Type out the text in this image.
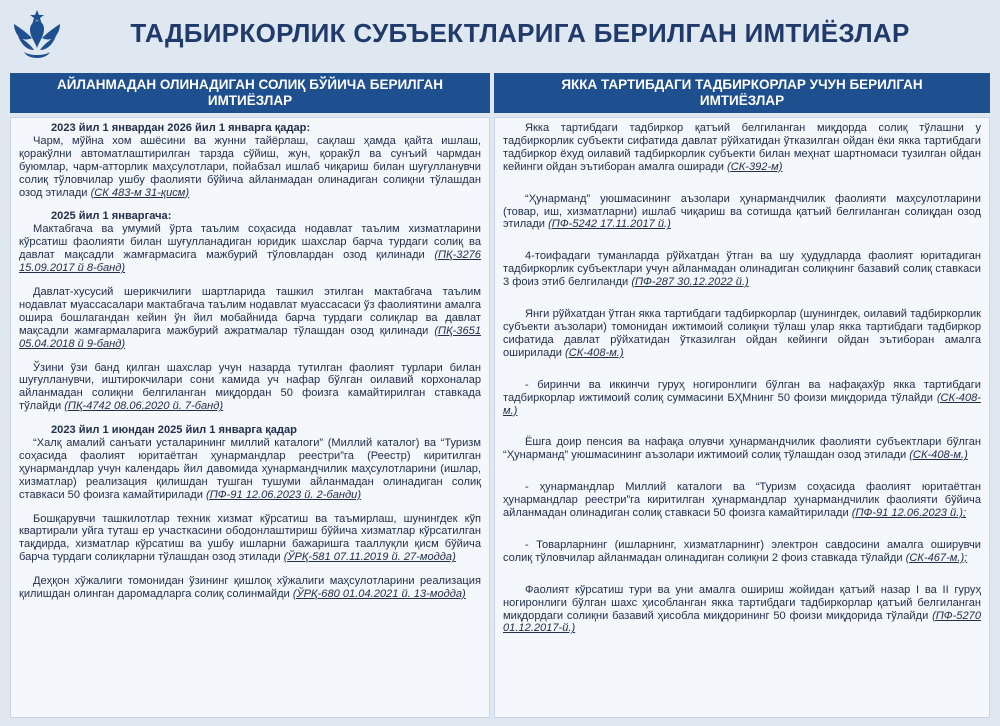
ТАДБИРКОРЛИК СУБЪЕКТЛАРИГА БЕРИЛГАН ИМТИЁЗЛАР
АЙЛАНМАДАН ОЛИНАДИГАН СОЛИҚ БЎЙИЧА БЕРИЛГАН ИМТИЁЗЛАР
ЯККА ТАРТИБДАГИ ТАДБИРКОРЛАР УЧУН БЕРИЛГАН ИМТИЁЗЛАР
2023 йил 1 январдан 2026 йил 1 январга қадар:

Чарм, мўйна хом ашёсини ва жунни тайёрлаш, сақлаш ҳамда қайта ишлаш, қоракўлни автоматлаштирилган тарзда сўйиш, жун, қоракўл ва сунъий чармдан буюмлар, чарм-атторлик маҳсулотлари, пойабзал ишлаб чиқариш билан шуғулланувчи солиқ тўловчилар ушбу фаолияти бўйича айланмадан олинадиган солиқни тўлашдан озод этилади (СК 483-м 31-қисм)

2025 йил 1 январгача:

Мактабгача ва умумий ўрта таълим соҳасида нодавлат таълим хизматларини кўрсатиш фаолияти билан шуғулланадиган юридик шахслар барча турдаги солиқ ва давлат мақсадли жамғармасига мажбурий тўловлардан озод қилинади (ПҚ-3276 15.09.2017 й 8-банд)

Давлат-хусусий шерикчилиги шартларида ташкил этилган мактабгача таълим нодавлат муассасалари мактабгача таълим нодавлат муассасаси ўз фаолиятини амалга ошира бошлагандан кейин ўн йил мобайнида барча турдаги солиқлар ва давлат мақсадли жамғармаларига мажбурий ажратмалар тўлашдан озод қилинади (ПҚ-3651 05.04.2018 й 9-банд)

Ўзини ўзи банд қилган шахслар учун назарда тутилган фаолият турлари билан шуғулланувчи, иштирокчилари сони камида уч нафар бўлган оилавий корхоналар айланмадан солиқни белгиланган миқдордан 50 фоизга камайтирилган ставкада тўлайди (ПҚ-4742 08.06.2020 й. 7-банд)

2023 йил 1 июндан 2025 йил 1 январга қадар

“Халқ амалий санъати усталарининг миллий каталоги” (Миллий каталог) ва “Туризм соҳасида фаолият юритаётган ҳунармандлар реестри”га (Реестр) киритилган ҳунармандлар учун календарь йил давомида ҳунармандчилик маҳсулотларини (ишлар, хизматлар) реализация қилишдан тушган тушуми айланмадан олинадиган солиқ ставкаси 50 фоизга камайтирилади (ПФ-91 12.06.2023 й. 2-банди)

Бошқарувчи ташкилотлар техник хизмат кўрсатиш ва таъмирлаш, шунингдек кўп квартирали уйга туташ ер участкасини ободонлаштириш бўйича хизматлар кўрсатилган тақдирда, хизматлар кўрсатиш ва ушбу ишларни бажаришга тааллуқли қисм бўйича барча турдаги солиқларни тўлашдан озод этилади (ЎРҚ-581 07.11.2019 й. 27-модда)

Деҳқон хўжалиги томонидан ўзининг қишлоқ хўжалиги маҳсулотларини реализация қилишдан олинган даромадларга солиқ солинмайди (ЎРҚ-680 01.04.2021 й. 13-модда)

Якка тартибдаги тадбиркор қатъий белгиланган миқдорда солиқ тўлашни у тадбиркорлик субъекти сифатида давлат рўйхатидан ўтказилган ойдан ёки якка тартибдаги тадбиркор ёхуд оилавий тадбиркорлик субъекти билан меҳнат шартномаси тузилган ойдан кейинги ойдан эътиборан амалга оширади (СК-392-м)

“Ҳунарманд” уюшмасининг аъзолари ҳунармандчилик фаолияти маҳсулотларини (товар, иш, хизматларни) ишлаб чиқариш ва сотишда қатъий белгиланган солиқдан озод этилади (ПФ-5242 17.11.2017 й.)

4-тоифадаги туманларда рўйхатдан ўтган ва шу ҳудудларда фаолият юритадиган тадбиркорлик субъектлари учун айланмадан олинадиган солиқнинг базавий солиқ ставкаси 3 фоиз этиб белгиланди (ПФ-287 30.12.2022 й.)

Янги рўйхатдан ўтган якка тартибдаги тадбиркорлар (шунингдек, оилавий тадбиркорлик субъекти аъзолари) томонидан ижтимоий солиқни тўлаш улар якка тартибдаги тадбиркор сифатида давлат рўйхатидан ўтказилган ойдан кейинги ойдан эътиборан амалга оширилади (СК-408-м.)

- биринчи ва иккинчи гуруҳ ногиронлиги бўлган ва нафақахўр якка тартибдаги тадбиркорлар ижтимоий солиқ суммасини БҲМнинг 50 фоизи миқдорида тўлайди (СК-408-м.)

Ёшга доир пенсия ва нафақа олувчи ҳунармандчилик фаолияти субъектлари бўлган “Ҳунарманд” уюшмасининг аъзолари ижтимоий солиқ тўлашдан озод этилади (СК-408-м.)

- ҳунармандлар Миллий каталоги ва “Туризм соҳасида фаолият юритаётган ҳунармандлар реестри”га киритилган ҳунармандлар ҳунармандчилик фаолияти бўйича айланмадан олинадиган солиқ ставкаси 50 фоизга камайтирилади (ПФ-91 12.06.2023 й.);

- Товарларнинг (ишларнинг, хизматларнинг) электрон савдосини амалга оширувчи солиқ тўловчилар айланмадан олинадиган солиқни 2 фоиз ставкада тўлайди (СК-467-м.);

Фаолият кўрсатиш тури ва уни амалга ошириш жойидан қатъий назар I ва II гуруҳ ногиронлиги бўлган шахс ҳисобланган якка тартибдаги тадбиркорлар қатъий белгиланган миқдордаги солиқни базавий ҳисобла миқдорининг 50 фоизи миқдорида тўлайди (ПФ-5270 01.12.2017-й.)
